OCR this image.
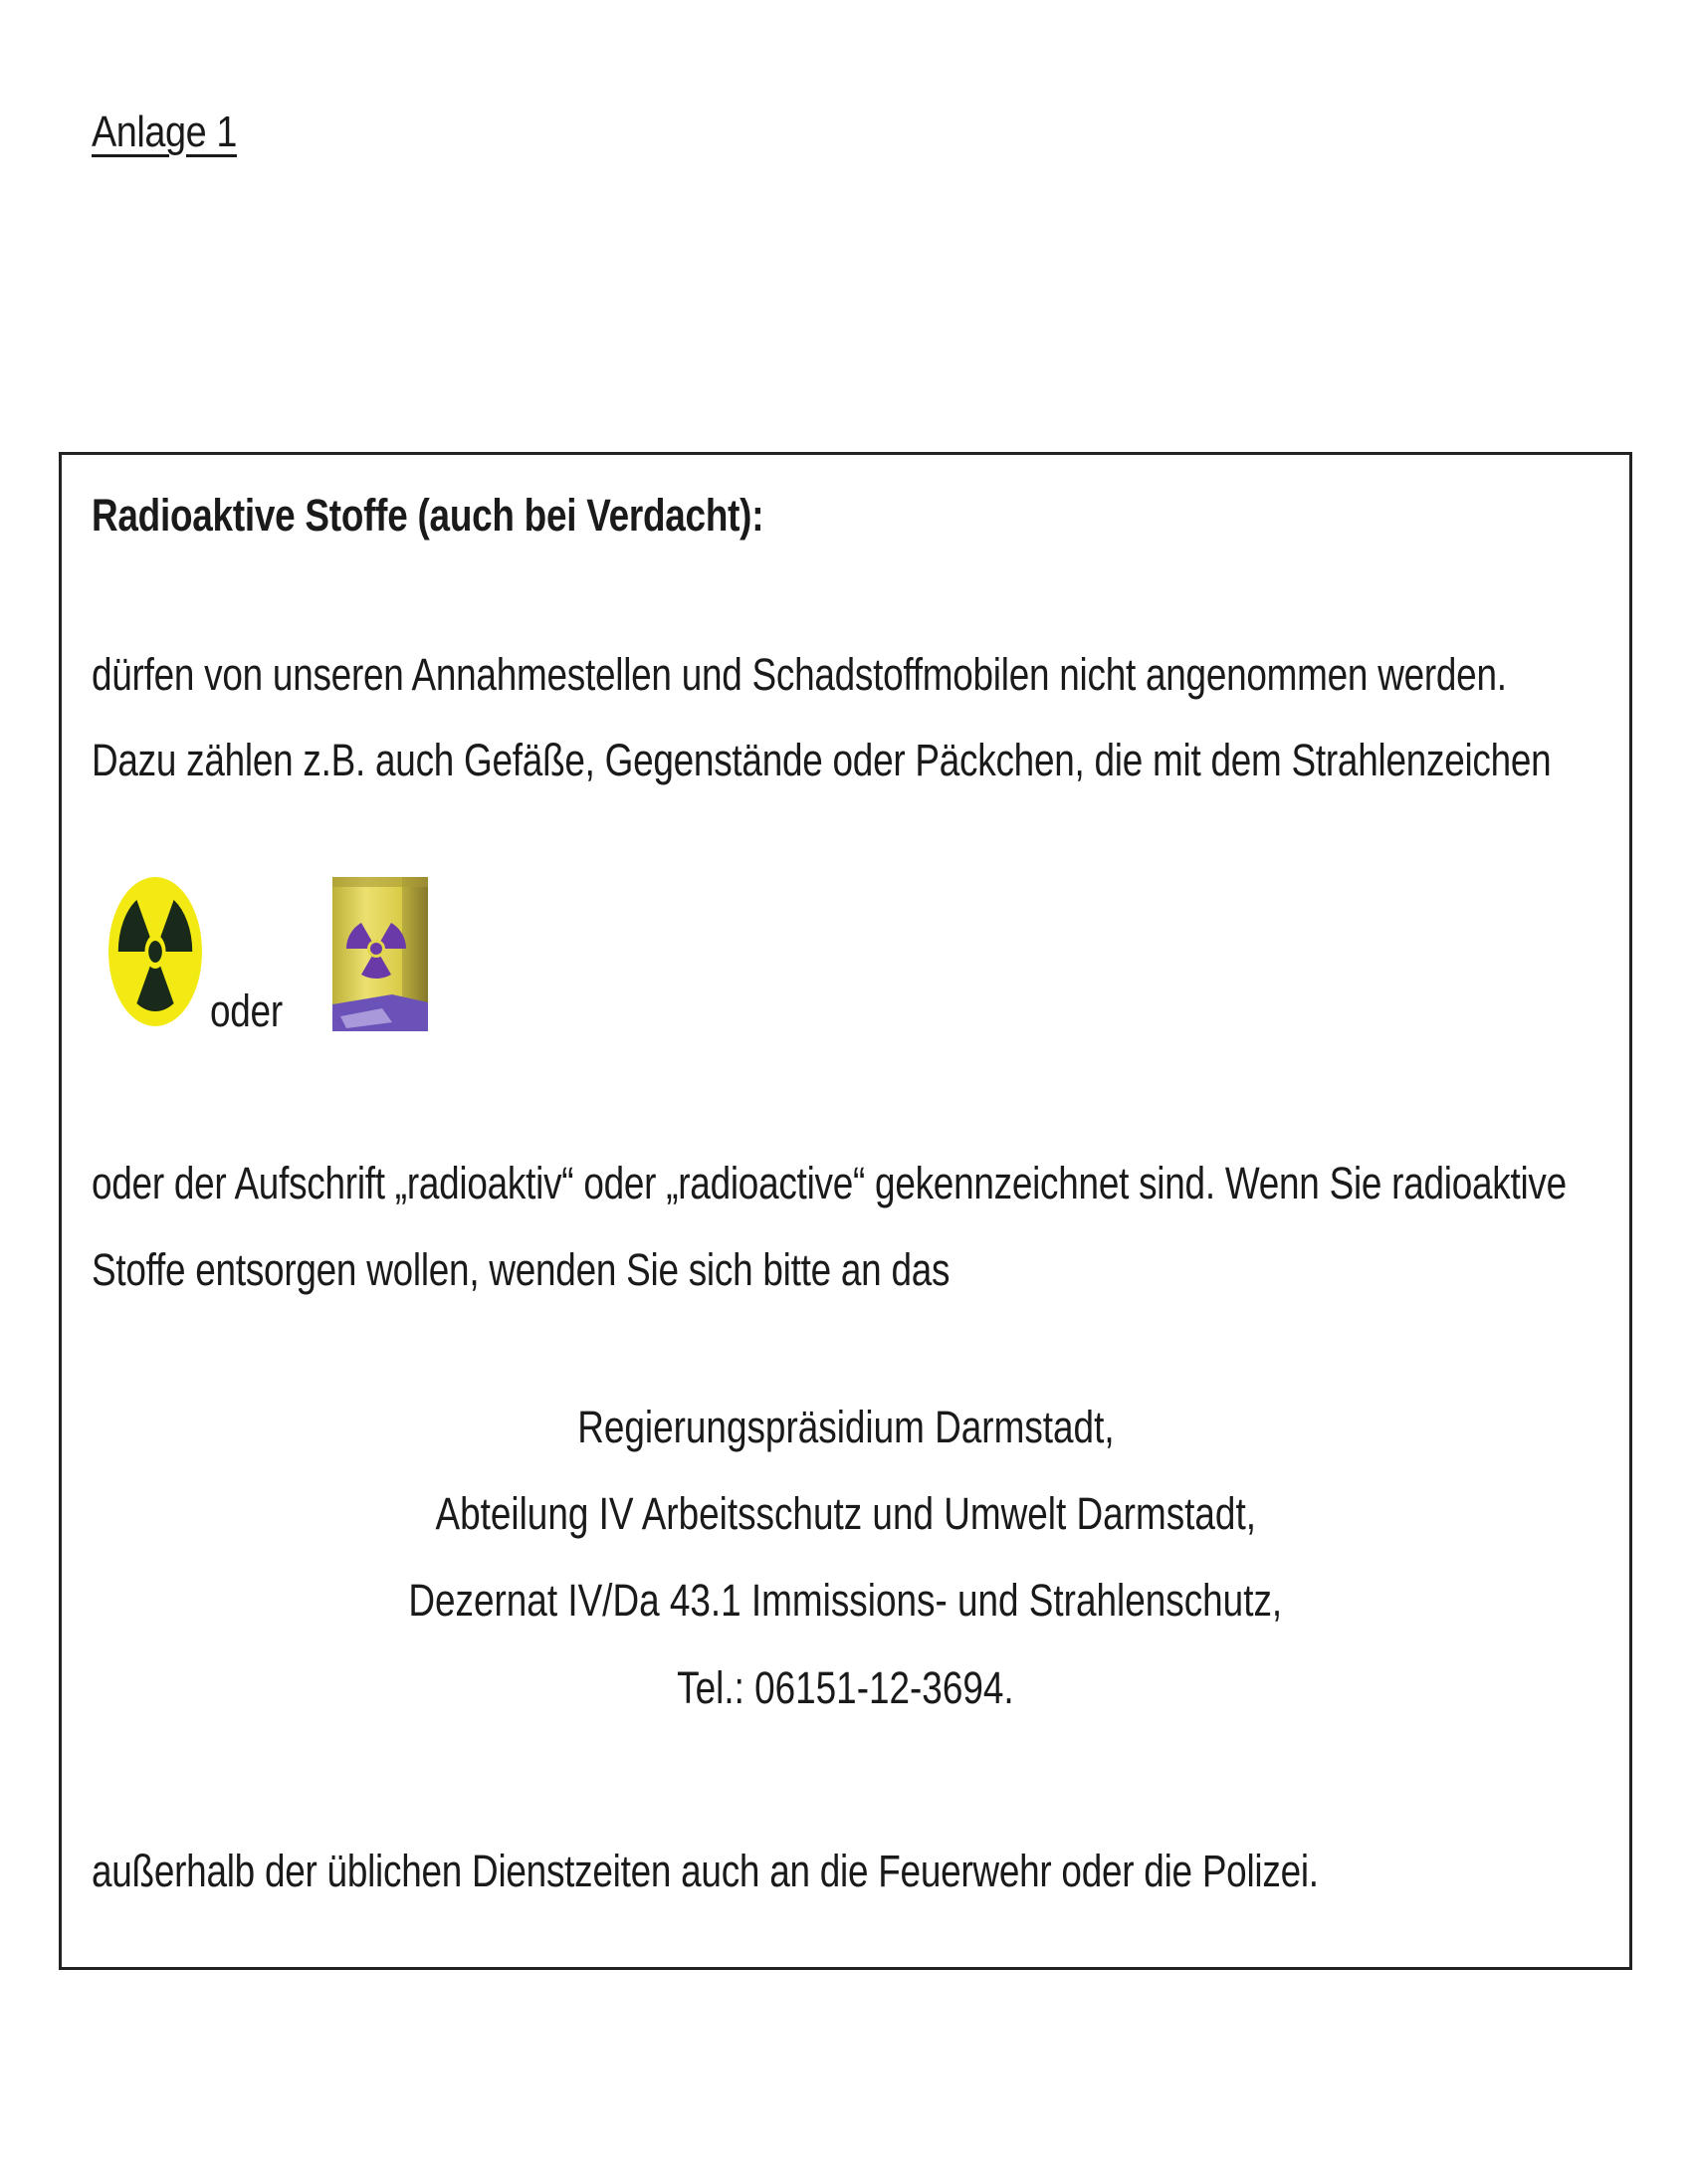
Anlage 1
Radioaktive Stoffe (auch bei Verdacht):
dürfen von unseren Annahmestellen und Schadstoffmobilen nicht angenommen werden.
Dazu zählen z.B. auch Gefäße, Gegenstände oder Päckchen, die mit dem Strahlenzeichen
oder
oder der Aufschrift „radioaktiv“ oder „radioactive“ gekennzeichnet sind. Wenn Sie radioaktive
Stoffe entsorgen wollen, wenden Sie sich bitte an das
Regierungspräsidium Darmstadt,
Abteilung IV Arbeitsschutz und Umwelt Darmstadt,
Dezernat IV/Da 43.1 Immissions- und Strahlenschutz,
Tel.: 06151-12-3694.
außerhalb der üblichen Dienstzeiten auch an die Feuerwehr oder die Polizei.
